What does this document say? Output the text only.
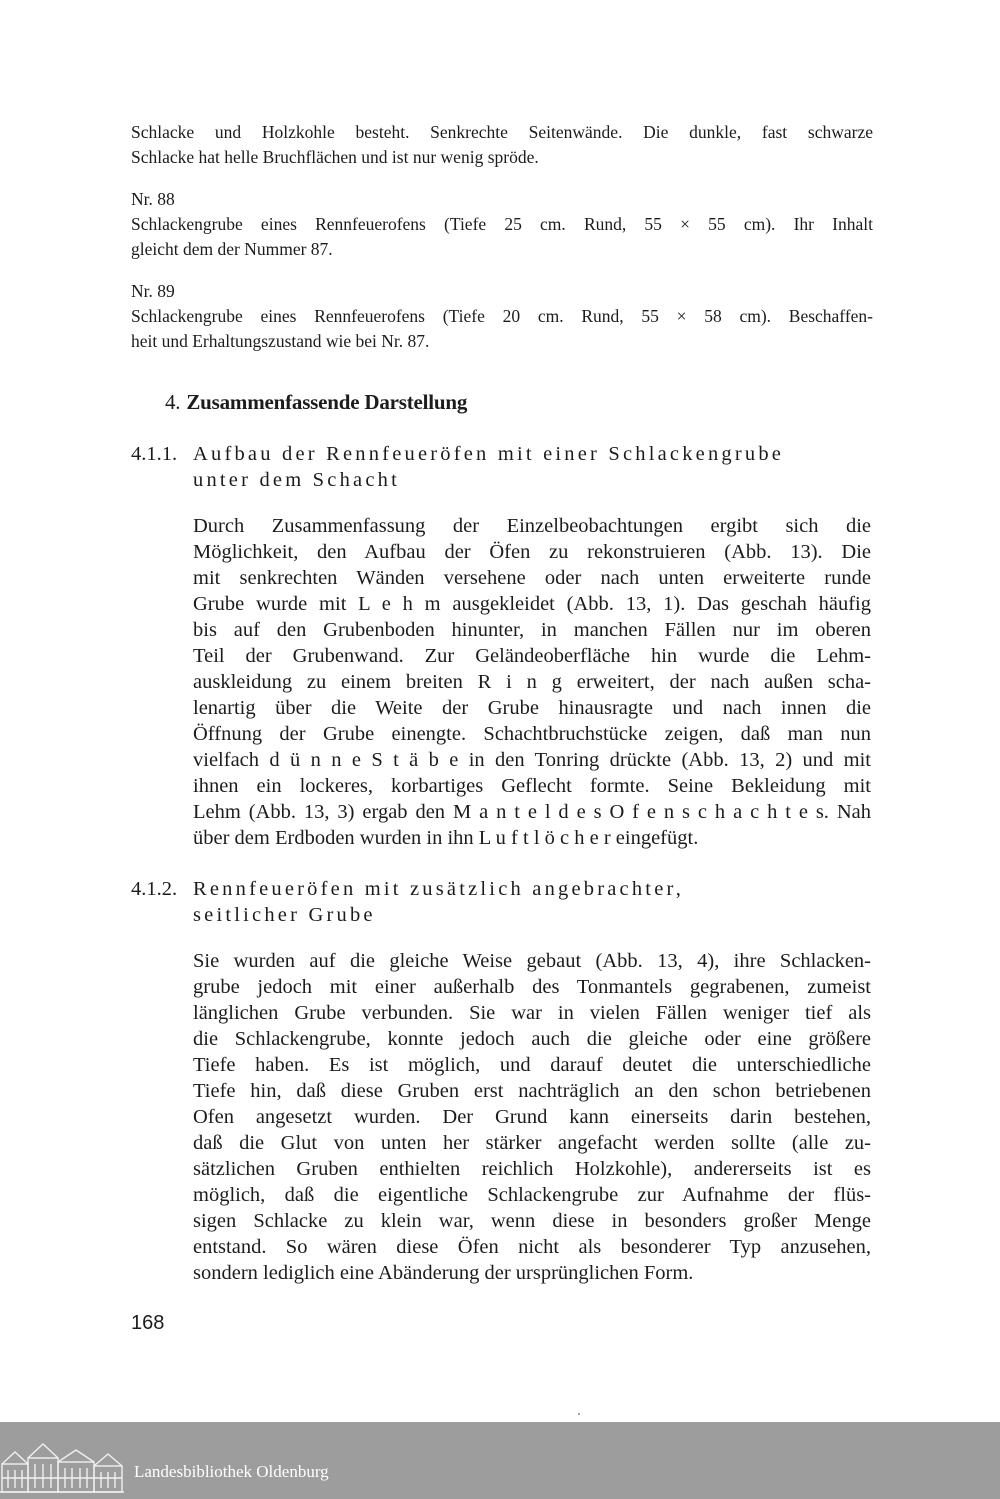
Schlacke und Holzkohle besteht. Senkrechte Seitenwände. Die dunkle, fast schwarze
Schlacke hat helle Bruchflächen und ist nur wenig spröde.

Nr. 88
Schlackengrube eines Rennfeuerofens (Tiefe 25 cm. Rund, 55 × 55 cm). Ihr Inhalt
gleicht dem der Nummer 87.

Nr. 89
Schlackengrube eines Rennfeuerofens (Tiefe 20 cm. Rund, 55 × 58 cm). Beschaffen-
heit und Erhaltungszustand wie bei Nr. 87.

4. Zusammenfassende Darstellung
4.1.1. Aufbau der Rennfeueröfen mit einer Schlackengrube
unter dem Schacht

Durch Zusammenfassung der Einzelbeobachtungen ergibt sich die
Möglichkeit, den Aufbau der Öfen zu rekonstruieren (Abb. 13). Die
mit senkrechten Wänden versehene oder nach unten erweiterte runde
Grube wurde mit L e h m ausgekleidet (Abb. 13, 1). Das geschah häufig
bis auf den Grubenboden hinunter, in manchen Fällen nur im oberen
Teil der Grubenwand. Zur Geländeoberfläche hin wurde die Lehm-
auskleidung zu einem breiten R i n g erweitert, der nach außen scha-
lenartig über die Weite der Grube hinausragte und nach innen die
Öffnung der Grube einengte. Schachtbruchstücke zeigen, daß man nun
vielfach d ü n n e S t ä b e in den Tonring drückte (Abb. 13, 2) und mit
ihnen ein lockeres, korbartiges Geflecht formte. Seine Bekleidung mit
Lehm (Abb. 13, 3) ergab den M a n t e l d e s O f e n s c h a c h t e s. Nah
über dem Erdboden wurden in ihn L u f t l ö c h e r eingefügt.

4.1.2. Rennfeueröfen mit zusätzlich angebrachter,
seitlicher Grube

Sie wurden auf die gleiche Weise gebaut (Abb. 13, 4), ihre Schlacken-
grube jedoch mit einer außerhalb des Tonmantels gegrabenen, zumeist
länglichen Grube verbunden. Sie war in vielen Fällen weniger tief als
die Schlackengrube, konnte jedoch auch die gleiche oder eine größere
Tiefe haben. Es ist möglich, und darauf deutet die unterschiedliche
Tiefe hin, daß diese Gruben erst nachträglich an den schon betriebenen
Ofen angesetzt wurden. Der Grund kann einerseits darin bestehen,
daß die Glut von unten her stärker angefacht werden sollte (alle zu-
sätzlichen Gruben enthielten reichlich Holzkohle), andererseits ist es
möglich, daß die eigentliche Schlackengrube zur Aufnahme der flüs-
sigen Schlacke zu klein war, wenn diese in besonders großer Menge
entstand. So wären diese Öfen nicht als besonderer Typ anzusehen,
sondern lediglich eine Abänderung der ursprünglichen Form.

168

Landesbibliothek Oldenburg
